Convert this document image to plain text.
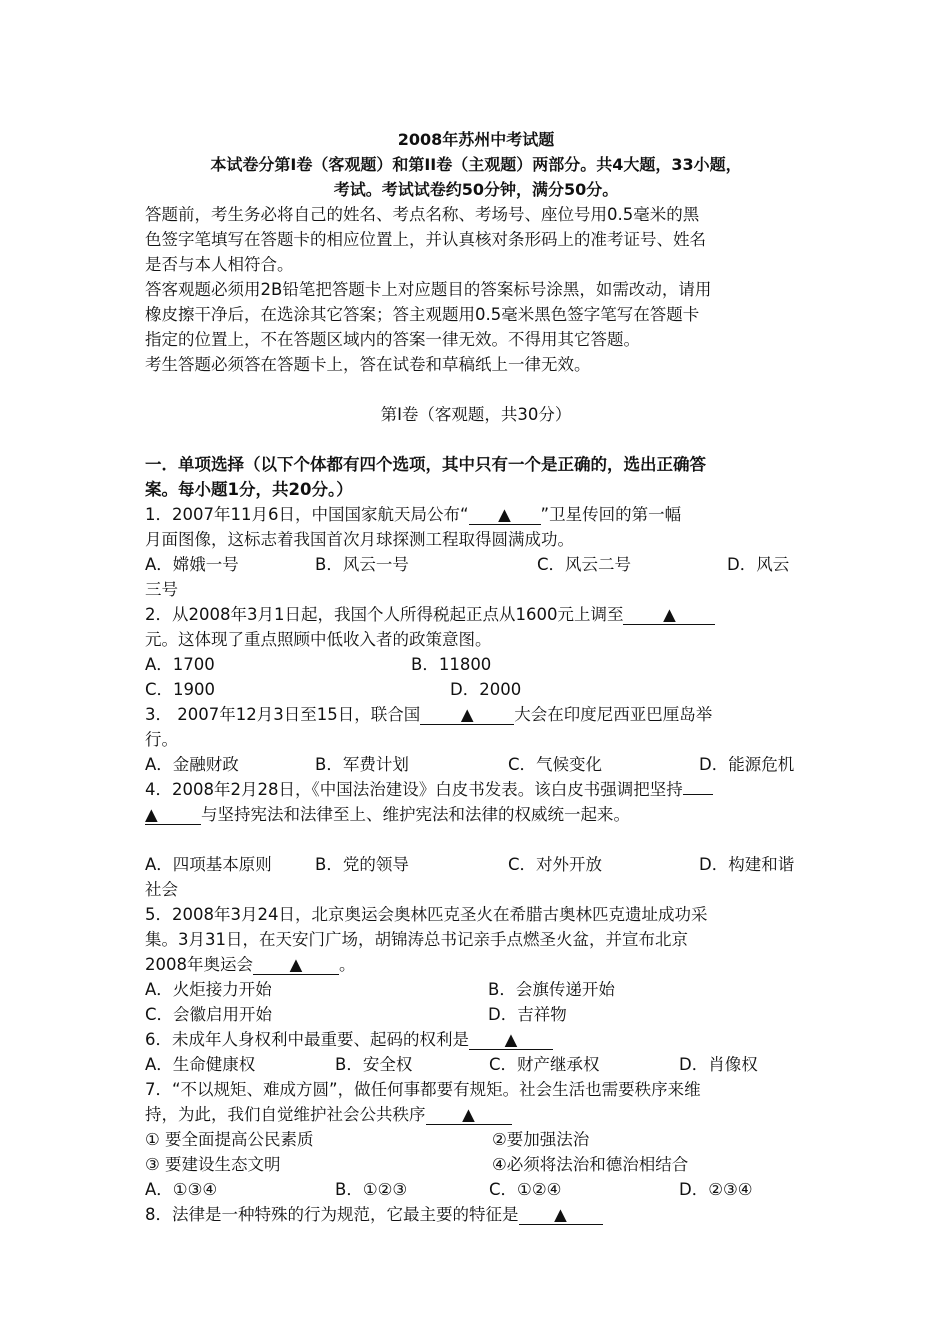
2008年苏州中考试题
本试卷分第Ⅰ卷（客观题）和第II卷（主观题）两部分。共4大题，33小题，
考试。考试试卷约50分钟，满分50分。
答题前，考生务必将自己的姓名、考点名称、考场号、座位号用0.5毫米的黑
色签字笔填写在答题卡的相应位置上，并认真核对条形码上的准考证号、姓名
是否与本人相符合。
答客观题必须用2B铅笔把答题卡上对应题目的答案标号涂黑，如需改动，请用
橡皮擦干净后，在选涂其它答案；答主观题用0.5毫米黑色签字笔写在答题卡
指定的位置上，不在答题区域内的答案一律无效。不得用其它答题。
考生答题必须答在答题卡上，答在试卷和草稿纸上一律无效。
第Ⅰ卷（客观题，共30分）
一．单项选择（以下个体都有四个选项，其中只有一个是正确的，选出正确答
案。每小题1分，共20分。）
1．2007年11月6日，中国国家航天局公布“ ▲ ”卫星传回的第一幅
月面图像，这标志着我国首次月球探测工程取得圆满成功。
A．嫦娥一号	B．风云一号	C．风云二号	D．风云
三号
2．从2008年3月1日起，我国个人所得税起正点从1600元上调至 ▲
元。这体现了重点照顾中低收入者的政策意图。
A．1700	B．11800
C．1900	D．2000
3． 2007年12月3日至15日，联合国 ▲ 大会在印度尼西亚巴厘岛举
行。
A．金融财政	B．军费计划	C．气候变化	D．能源危机
4．2008年2月28日，《中国法治建设》白皮书发表。该白皮书强调把坚持
▲	与坚持宪法和法律至上、维护宪法和法律的权威统一起来。
A．四项基本原则	B．党的领导	C．对外开放	D．构建和谐
社会
5．2008年3月24日，北京奥运会奥林匹克圣火在希腊古奥林匹克遗址成功采
集。3月31日，在天安门广场，胡锦涛总书记亲手点燃圣火盆，并宣布北京
2008年奥运会 ▲ 。
A．火炬接力开始	B．会旗传递开始
C．会徽启用开始	D．吉祥物
6．未成年人身权利中最重要、起码的权利是 ▲
A．生命健康权	B．安全权	C．财产继承权	D．肖像权
7．“不以规矩、难成方圆”，做任何事都要有规矩。社会生活也需要秩序来维
持，为此，我们自觉维护社会公共秩序 ▲
① 要全面提高公民素质	②要加强法治
③ 要建设生态文明	④必须将法治和德治相结合
A．①③④	B．①②③	C．①②④	D．②③④
8．法律是一种特殊的行为规范，它最主要的特征是 ▲
